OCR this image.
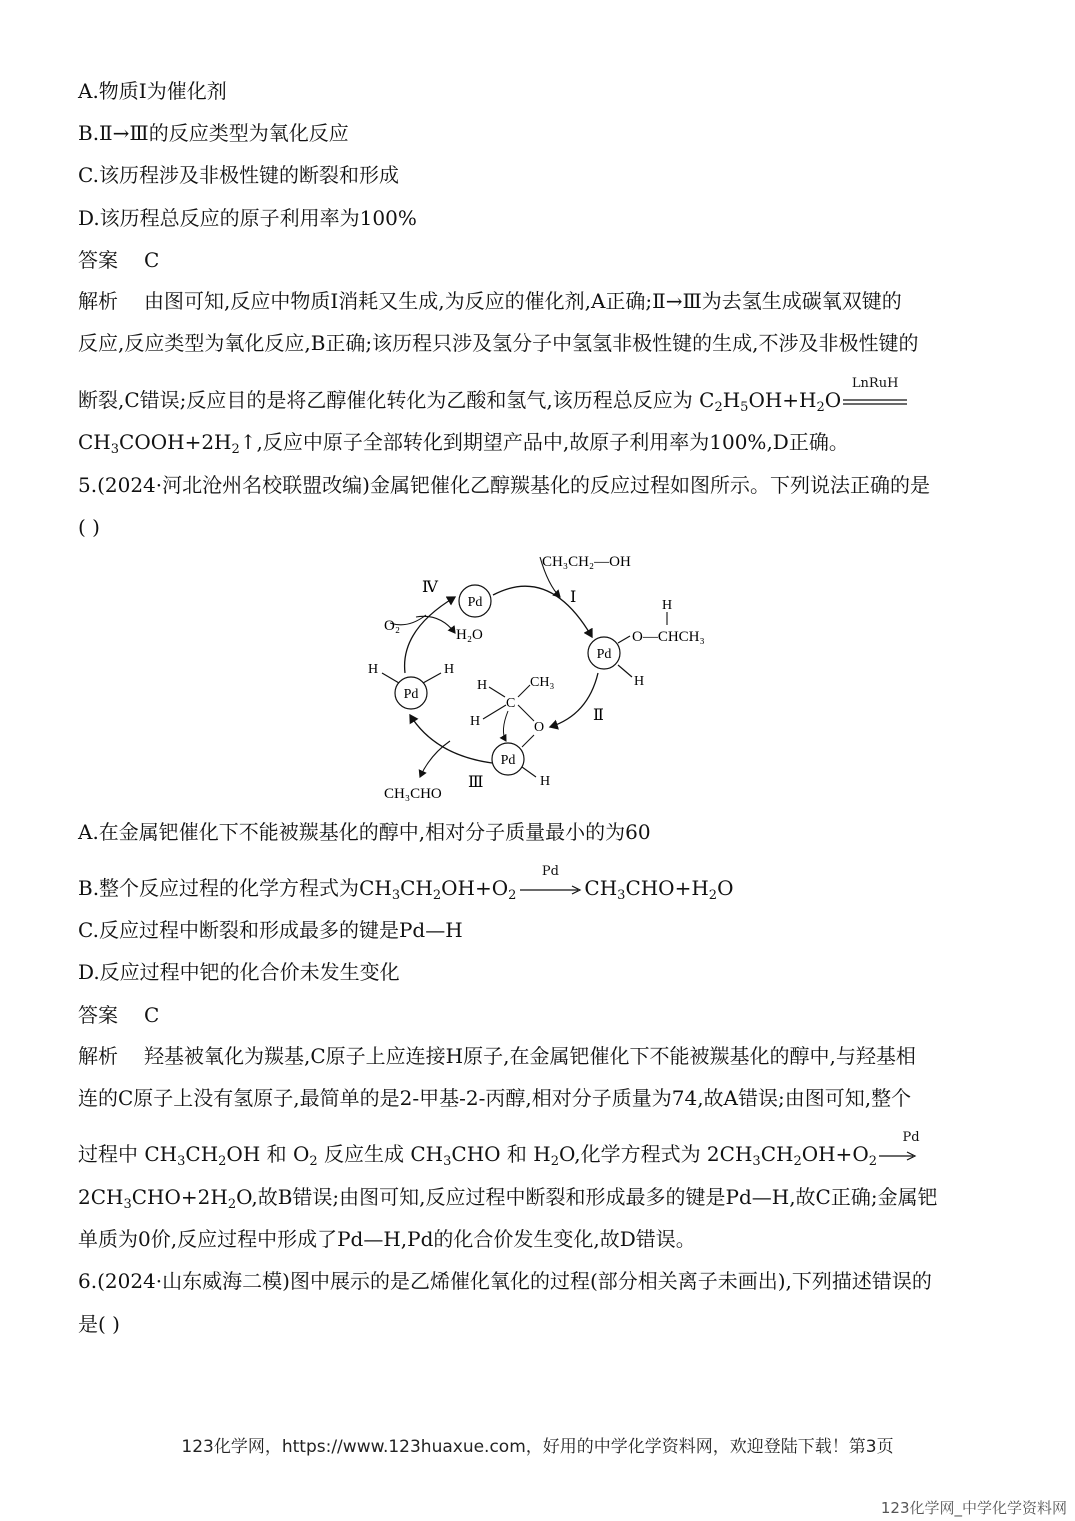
A.物质Ⅰ为催化剂
B.Ⅱ→Ⅲ的反应类型为氧化反应
C.该历程涉及非极性键的断裂和形成
D.该历程总反应的原子利用率为100%
答案 C
解析 由图可知,反应中物质Ⅰ消耗又生成,为反应的催化剂,A正确;Ⅱ→Ⅲ为去氢生成碳氧双键的
反应,反应类型为氧化反应,B正确;该历程只涉及氢分子中氢氢非极性键的生成,不涉及非极性键的
断裂,C错误;反应目的是将乙醇催化转化为乙酸和氢气,该历程总反应为 $C_2H_5OH+H_2O$
LnRuH
$CH_3COOH+2H_2↑$,反应中原子全部转化到期望产品中,故原子利用率为100%,D正确。
5.(2024·河北沧州名校联盟改编)金属钯催化乙醇羰基化的反应过程如图所示。下列说法正确的是
( )
Pd
Pd
Pd
Pd
CH₃CH₂—OH
Ⅰ
Ⅳ
Ⅱ
Ⅲ
O₂
H₂O	O—CHCH₃
H
H
H	H
H	CH₃
C
H	O
H
CH₃CHO
A.在金属钯催化下不能被羰基化的醇中,相对分子质量最小的为60
B.整个反应过程的化学方程式为$CH_3CH_2OH+O_2$
Pd
$CH_3CHO+H_2O$
C.反应过程中断裂和形成最多的键是Pd—H
D.反应过程中钯的化合价未发生变化
答案 C
解析 羟基被氧化为羰基,C原子上应连接H原子,在金属钯催化下不能被羰基化的醇中,与羟基相
连的C原子上没有氢原子,最简单的是2-甲基-2-丙醇,相对分子质量为74,故A错误;由图可知,整个
过程中 $CH_3CH_2OH$ 和 $O_2$ 反应生成 $CH_3CHO$ 和 $H_2O$,化学方程式为 $2CH_3CH_2OH+O_2$
Pd
$2CH_3CHO+2H_2O$,故B错误;由图可知,反应过程中断裂和形成最多的键是Pd—H,故C正确;金属钯
单质为0价,反应过程中形成了Pd—H,Pd的化合价发生变化,故D错误。
6.(2024·山东威海二模)图中展示的是乙烯催化氧化的过程(部分相关离子未画出),下列描述错误的
是( )
123化学网，https://www.123huaxue.com，好用的中学化学资料网，欢迎登陆下载！第3页
123化学网_中学化学资料网
